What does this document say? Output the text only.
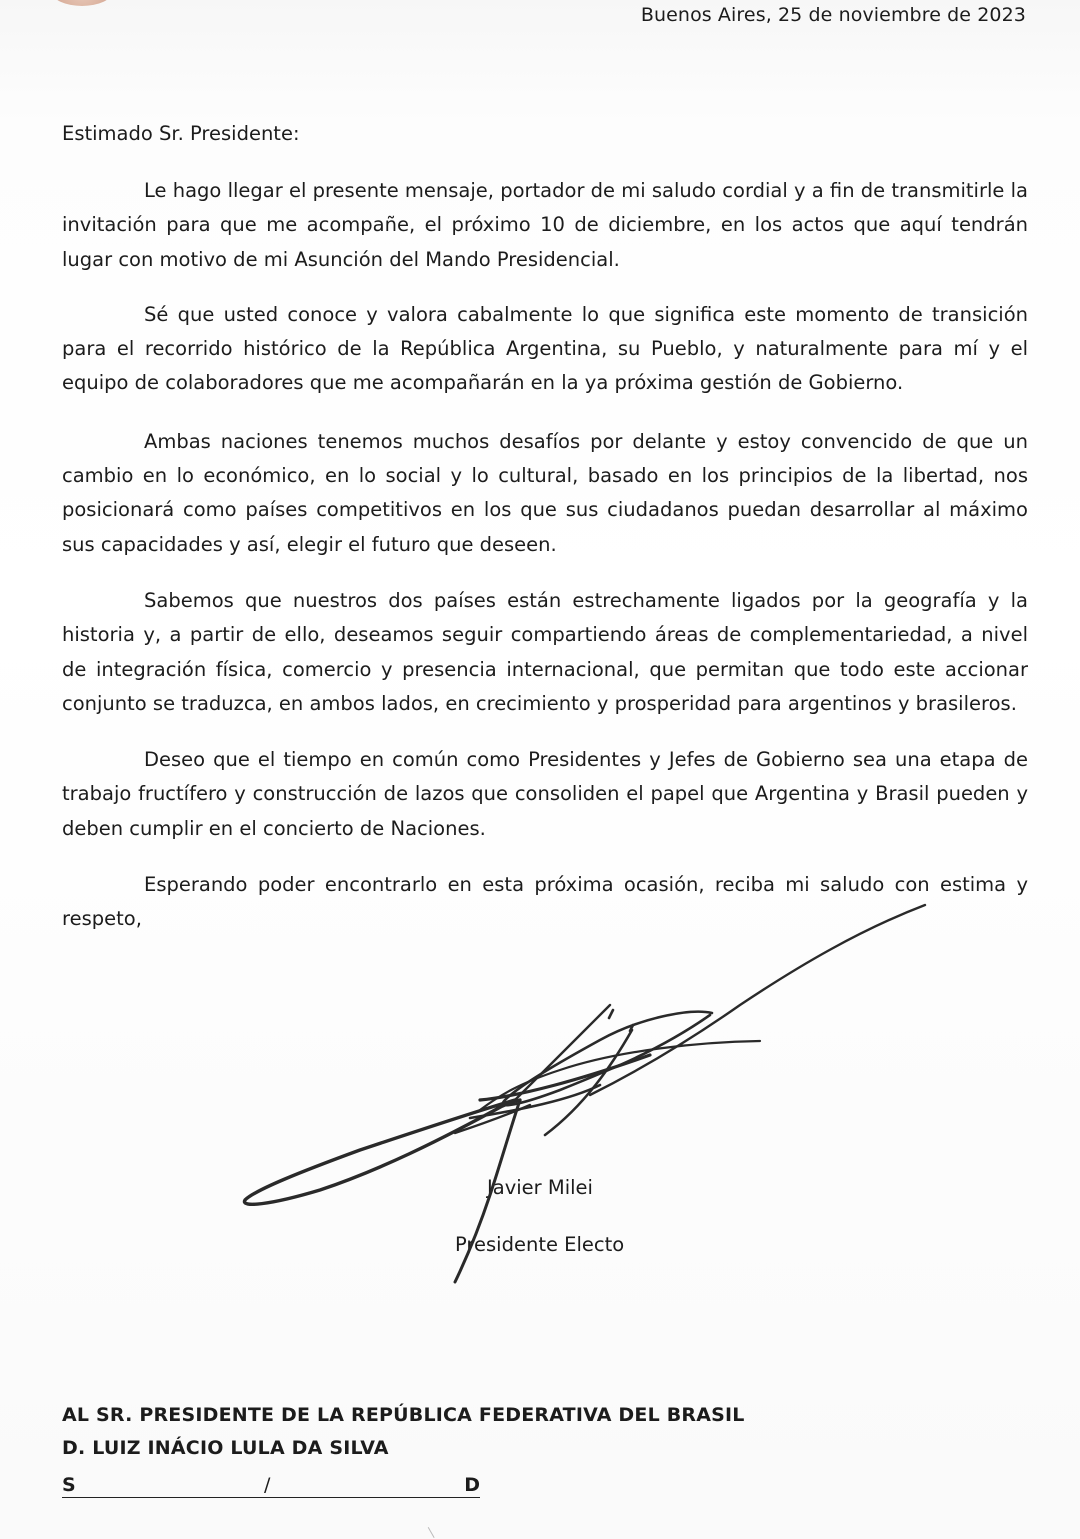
Buenos Aires, 25 de noviembre de 2023
Estimado Sr. Presidente:

Le hago llegar el presente mensaje, portador de mi saludo cordial y a fin de transmitirle la invitación para que me acompañe, el próximo 10 de diciembre, en los actos que aquí tendrán lugar con motivo de mi Asunción del Mando Presidencial.

Sé que usted conoce y valora cabalmente lo que significa este momento de transición para el recorrido histórico de la República Argentina, su Pueblo, y naturalmente para mí y el equipo de colaboradores que me acompañarán en la ya próxima gestión de Gobierno.

Ambas naciones tenemos muchos desafíos por delante y estoy convencido de que un cambio en lo económico, en lo social y lo cultural, basado en los principios de la libertad, nos posicionará como países competitivos en los que sus ciudadanos puedan desarrollar al máximo sus capacidades y así, elegir el futuro que deseen.

Sabemos que nuestros dos países están estrechamente ligados por la geografía y la historia y, a partir de ello, deseamos seguir compartiendo áreas de complementariedad, a nivel de integración física, comercio y presencia internacional, que permitan que todo este accionar conjunto se traduzca, en ambos lados, en crecimiento y prosperidad para argentinos y brasileros.

Deseo que el tiempo en común como Presidentes y Jefes de Gobierno sea una etapa de trabajo fructífero y construcción de lazos que consoliden el papel que Argentina y Brasil pueden y deben cumplir en el concierto de Naciones.

Esperando poder encontrarlo en esta próxima ocasión, reciba mi saludo con estima y respeto,

Javier Milei
Presidente Electo
AL SR. PRESIDENTE DE LA REPÚBLICA FEDERATIVA DEL BRASIL
D. LUIZ INÁCIO LULA DA SILVA
S	/	D
